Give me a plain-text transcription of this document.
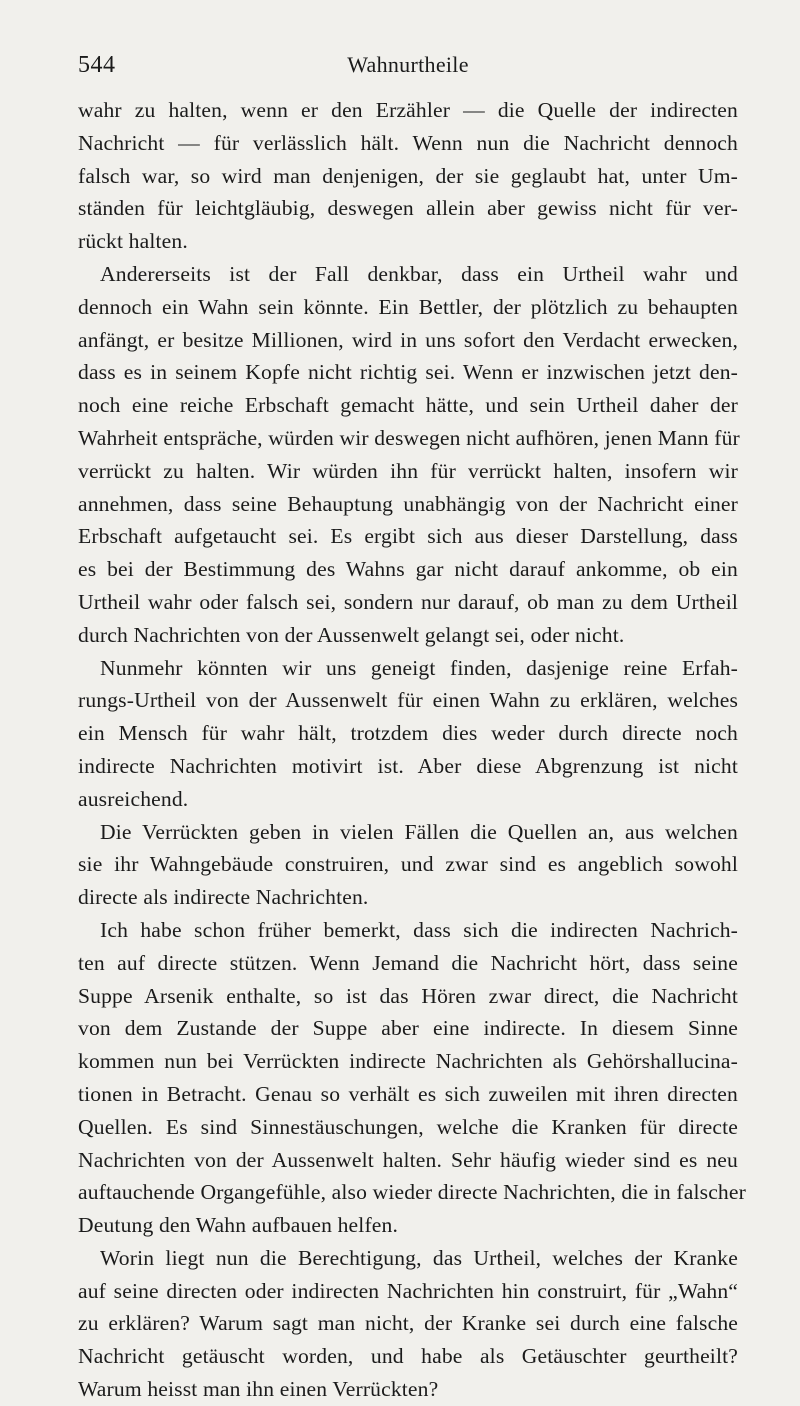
544	Wahnurtheile
wahr zu halten, wenn er den Erzähler — die Quelle der indirecten
Nachricht — für verlässlich hält. Wenn nun die Nachricht dennoch
falsch war, so wird man denjenigen, der sie geglaubt hat, unter Um-
ständen für leichtgläubig, deswegen allein aber gewiss nicht für ver-
rückt halten.
Andererseits ist der Fall denkbar, dass ein Urtheil wahr und
dennoch ein Wahn sein könnte. Ein Bettler, der plötzlich zu behaupten
anfängt, er besitze Millionen, wird in uns sofort den Verdacht erwecken,
dass es in seinem Kopfe nicht richtig sei. Wenn er inzwischen jetzt den-
noch eine reiche Erbschaft gemacht hätte, und sein Urtheil daher der
Wahrheit entspräche, würden wir deswegen nicht aufhören, jenen Mann für
verrückt zu halten. Wir würden ihn für verrückt halten, insofern wir
annehmen, dass seine Behauptung unabhängig von der Nachricht einer
Erbschaft aufgetaucht sei. Es ergibt sich aus dieser Darstellung, dass
es bei der Bestimmung des Wahns gar nicht darauf ankomme, ob ein
Urtheil wahr oder falsch sei, sondern nur darauf, ob man zu dem Urtheil
durch Nachrichten von der Aussenwelt gelangt sei, oder nicht.
Nunmehr könnten wir uns geneigt finden, dasjenige reine Erfah-
rungs-Urtheil von der Aussenwelt für einen Wahn zu erklären, welches
ein Mensch für wahr hält, trotzdem dies weder durch directe noch
indirecte Nachrichten motivirt ist. Aber diese Abgrenzung ist nicht
ausreichend.
Die Verrückten geben in vielen Fällen die Quellen an, aus welchen
sie ihr Wahngebäude construiren, und zwar sind es angeblich sowohl
directe als indirecte Nachrichten.
Ich habe schon früher bemerkt, dass sich die indirecten Nachrich-
ten auf directe stützen. Wenn Jemand die Nachricht hört, dass seine
Suppe Arsenik enthalte, so ist das Hören zwar direct, die Nachricht
von dem Zustande der Suppe aber eine indirecte. In diesem Sinne
kommen nun bei Verrückten indirecte Nachrichten als Gehörshallucina-
tionen in Betracht. Genau so verhält es sich zuweilen mit ihren directen
Quellen. Es sind Sinnestäuschungen, welche die Kranken für directe
Nachrichten von der Aussenwelt halten. Sehr häufig wieder sind es neu
auftauchende Organgefühle, also wieder directe Nachrichten, die in falscher
Deutung den Wahn aufbauen helfen.
Worin liegt nun die Berechtigung, das Urtheil, welches der Kranke
auf seine directen oder indirecten Nachrichten hin construirt, für „Wahn“
zu erklären? Warum sagt man nicht, der Kranke sei durch eine falsche
Nachricht getäuscht worden, und habe als Getäuschter geurtheilt?
Warum heisst man ihn einen Verrückten?
